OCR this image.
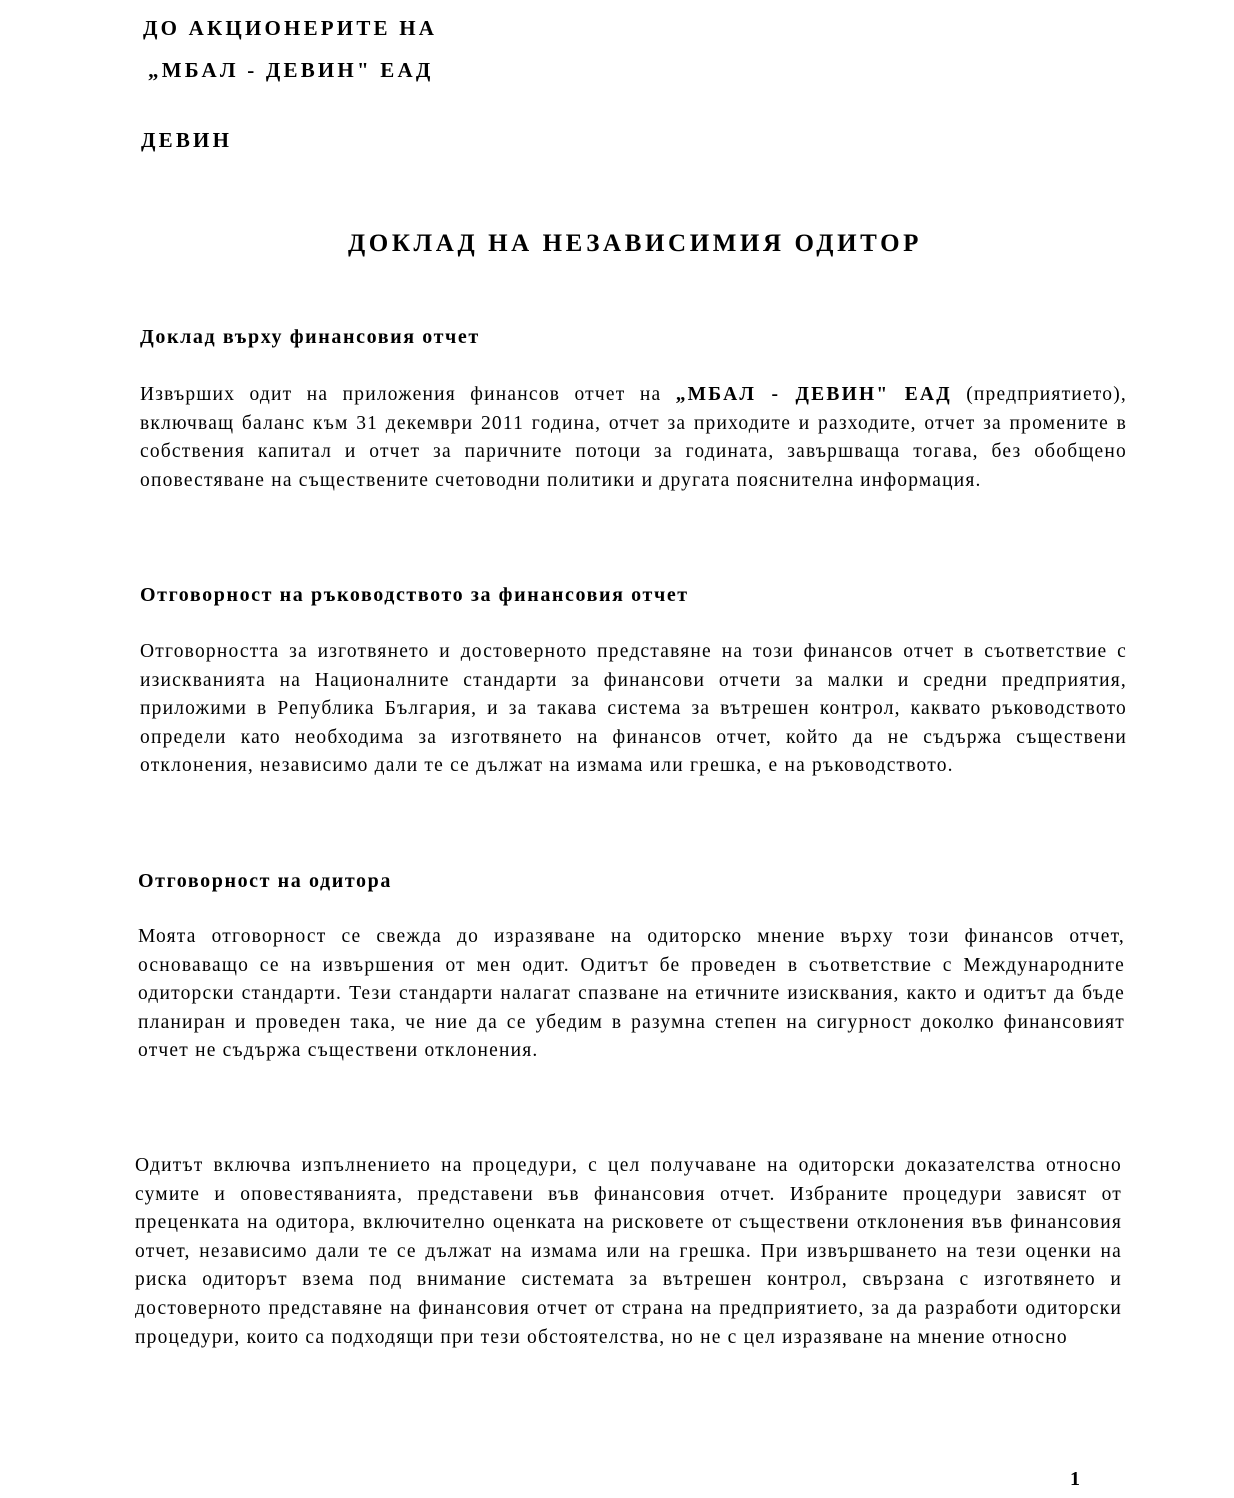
ДО АКЦИОНЕРИТЕ НА
„МБАЛ - ДЕВИН" ЕАД
ДЕВИН
ДОКЛАД НА НЕЗАВИСИМИЯ ОДИТОР
Доклад върху финансовия отчет

Извърших одит на приложения финансов отчет на „МБАЛ - ДЕВИН" ЕАД (предприятието), включващ баланс към 31 декември 2011 година, отчет за приходите и разходите, отчет за промените в собствения капитал и отчет за паричните потоци за годината, завършваща тогава, без обобщено оповестяване на съществените счетоводни политики и другата пояснителна информация.

Отговорност на ръководството за финансовия отчет

Отговорността за изготвянето и достоверното представяне на този финансов отчет в съответствие с изискванията на Националните стандарти за финансови отчети за малки и средни предприятия, приложими в Република България, и за такава система за вътрешен контрол, каквато ръководството определи като необходима за изготвянето на финансов отчет, който да не съдържа съществени отклонения, независимо дали те се дължат на измама или грешка, е на ръководството.

Отговорност на одитора

Моята отговорност се свежда до изразяване на одиторско мнение върху този финансов отчет, основаващо се на извършения от мен одит. Одитът бе проведен в съответствие с Международните одиторски стандарти. Тези стандарти налагат спазване на етичните изисквания, както и одитът да бъде планиран и проведен така, че ние да се убедим в разумна степен на сигурност доколко финансовият отчет не съдържа съществени отклонения.

Одитът включва изпълнението на процедури, с цел получаване на одиторски доказателства относно сумите и оповестяванията, представени във финансовия отчет. Избраните процедури зависят от преценката на одитора, включително оценката на рисковете от съществени отклонения във финансовия отчет, независимо дали те се дължат на измама или на грешка. При извършването на тези оценки на риска одиторът взема под внимание системата за вътрешен контрол, свързана с изготвянето и достоверното представяне на финансовия отчет от страна на предприятието, за да разработи одиторски процедури, които са подходящи при тези обстоятелства, но не с цел изразяване на мнение относно

1
